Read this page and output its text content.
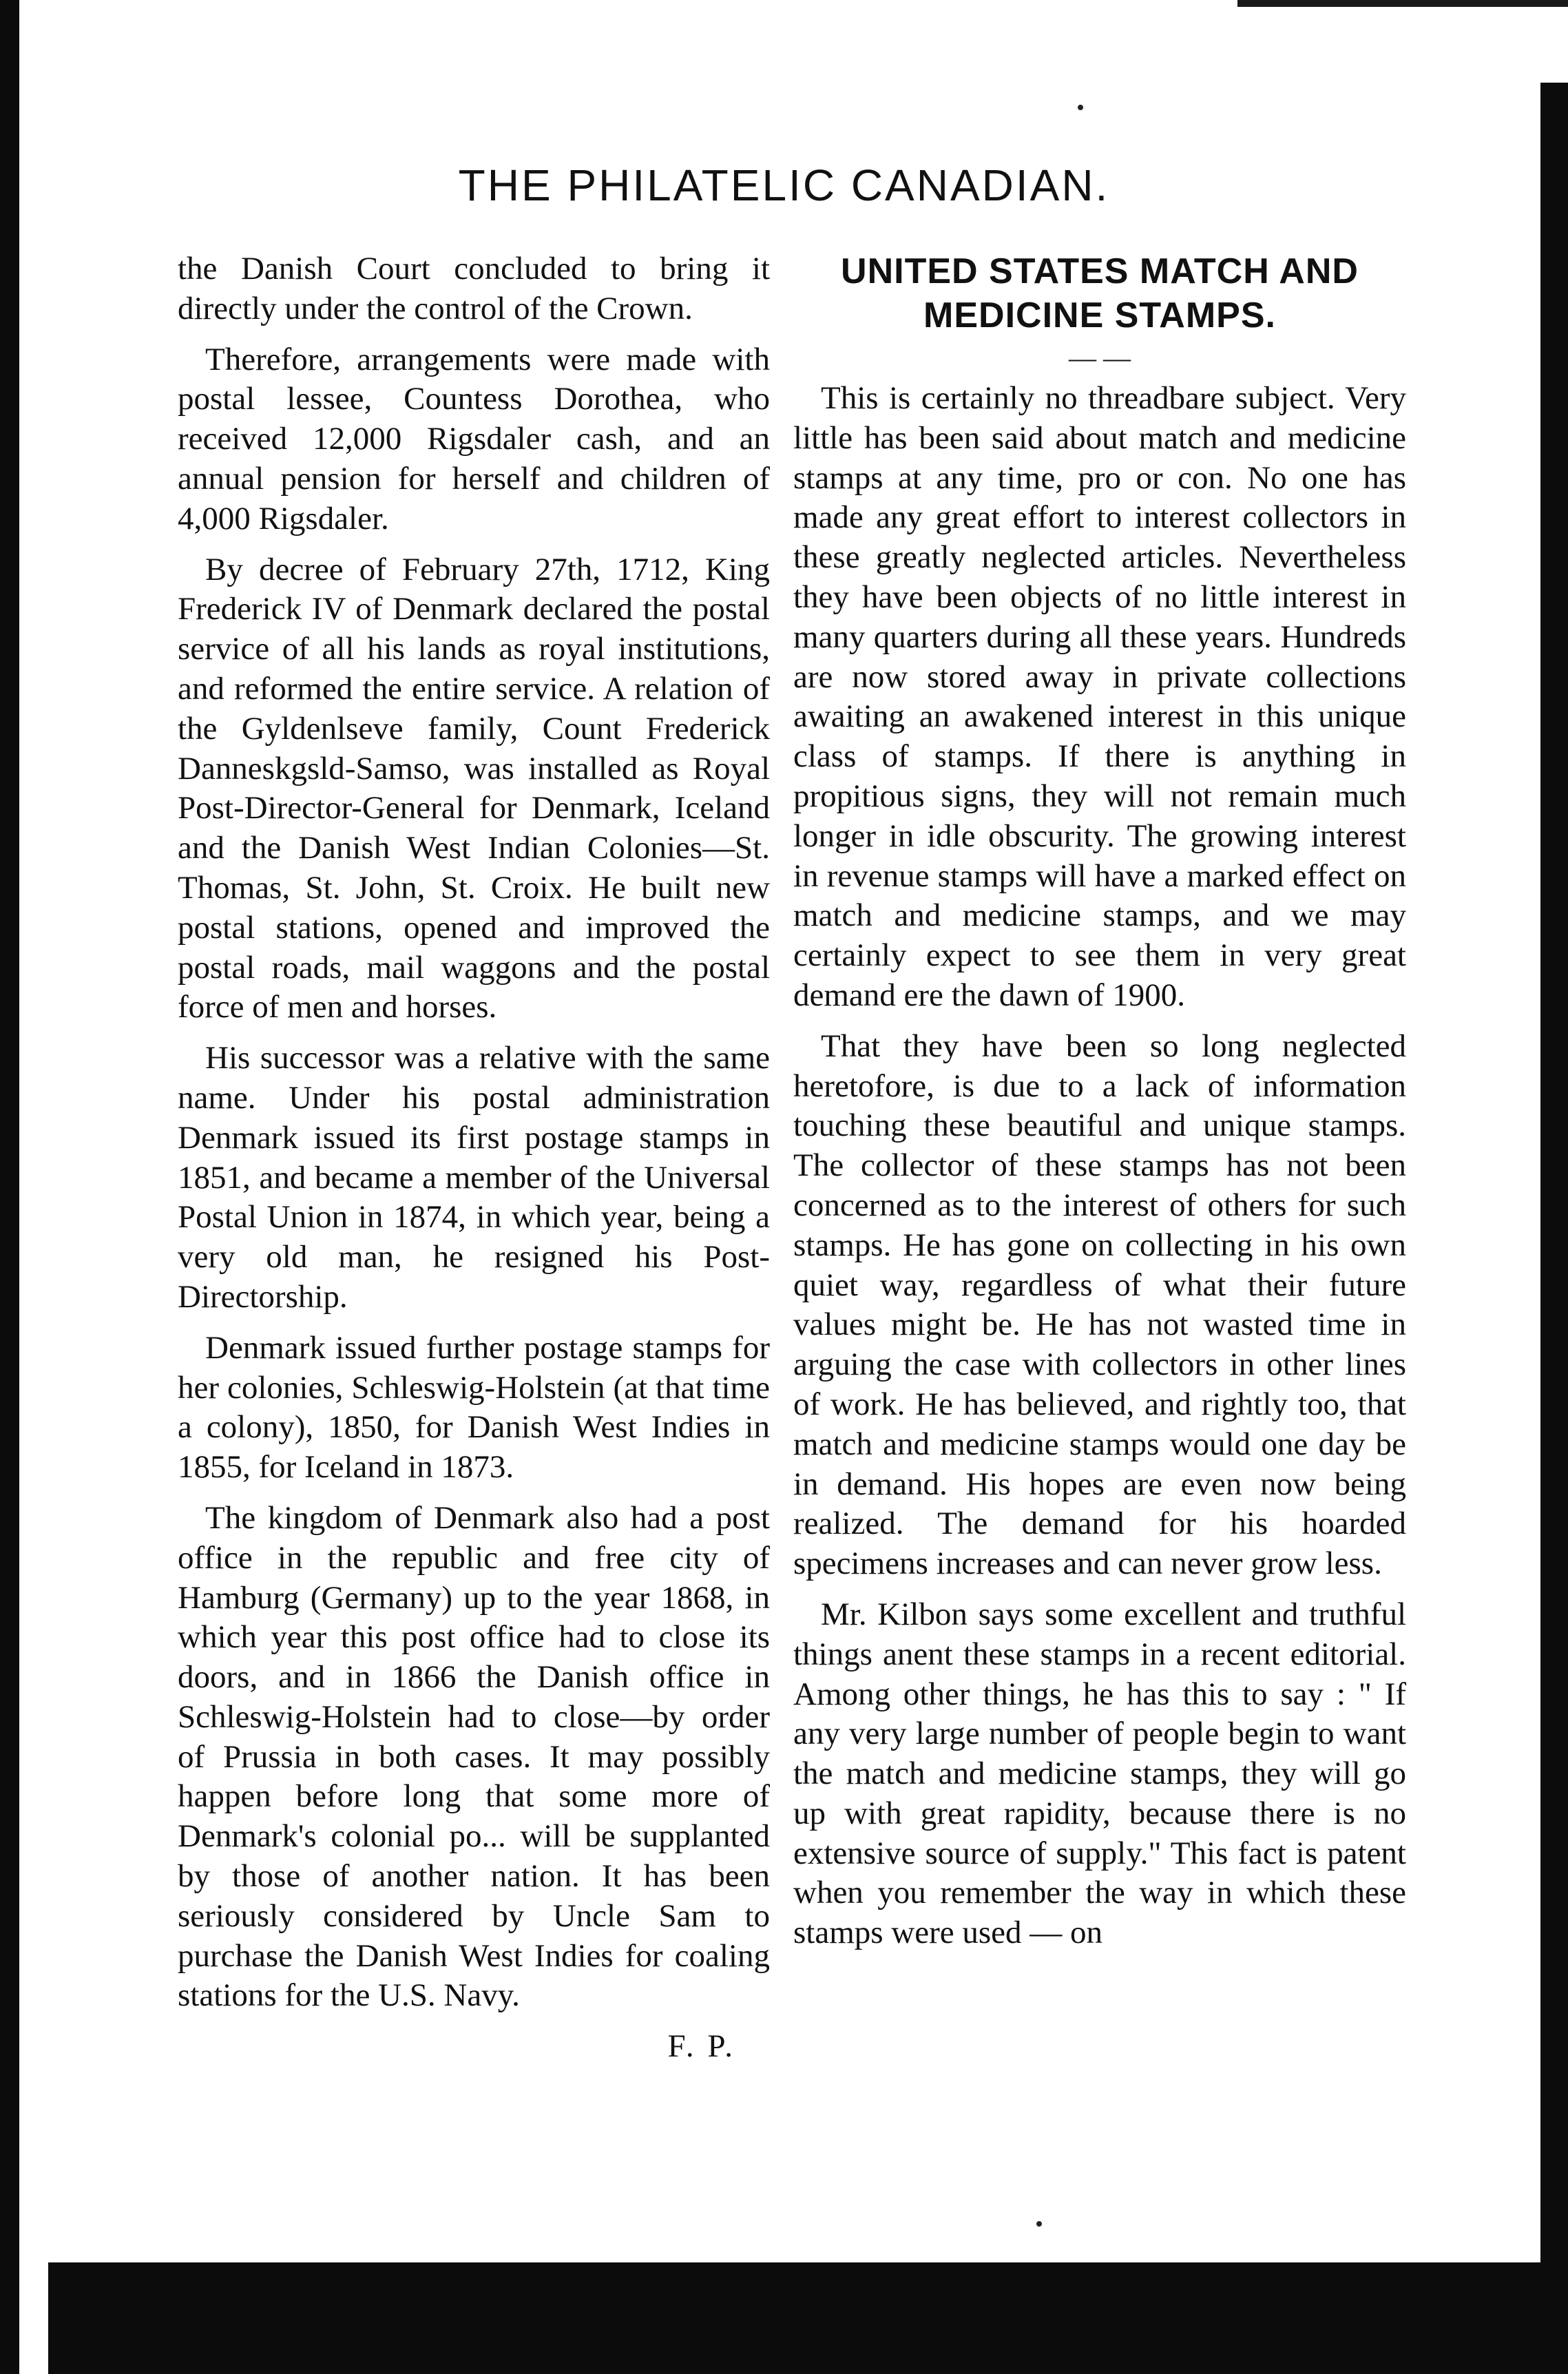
THE PHILATELIC CANADIAN.

the Danish Court concluded to bring it directly under the control of the Crown.

Therefore, arrangements were made with postal lessee, Countess Dorothea, who received 12,000 Rigsdaler cash, and an annual pension for herself and children of 4,000 Rigsdaler.

By decree of February 27th, 1712, King Frederick IV of Denmark declared the postal service of all his lands as royal institutions, and reformed the entire service. A relation of the Gyldenlseve family, Count Frederick Danneskgsld-Samso, was installed as Royal Post-Director-General for Denmark, Iceland and the Danish West Indian Colonies—St. Thomas, St. John, St. Croix. He built new postal stations, opened and improved the postal roads, mail waggons and the postal force of men and horses.

His successor was a relative with the same name. Under his postal administration Denmark issued its first postage stamps in 1851, and became a member of the Universal Postal Union in 1874, in which year, being a very old man, he resigned his Post-Directorship.

Denmark issued further postage stamps for her colonies, Schleswig-Holstein (at that time a colony), 1850, for Danish West Indies in 1855, for Iceland in 1873.

The kingdom of Denmark also had a post office in the republic and free city of Hamburg (Germany) up to the year 1868, in which year this post office had to close its doors, and in 1866 the Danish office in Schleswig-Holstein had to close—by order of Prussia in both cases. It may possibly happen before long that some more of Denmark's colonial po... will be supplanted by those of another nation. It has been seriously considered by Uncle Sam to purchase the Danish West Indies for coaling stations for the U.S. Navy.

F. P.
UNITED STATES MATCH AND MEDICINE STAMPS.
— —

This is certainly no threadbare subject. Very little has been said about match and medicine stamps at any time, pro or con. No one has made any great effort to interest collectors in these greatly neglected articles. Nevertheless they have been objects of no little interest in many quarters during all these years. Hundreds are now stored away in private collections awaiting an awakened interest in this unique class of stamps. If there is anything in propitious signs, they will not remain much longer in idle obscurity. The growing interest in revenue stamps will have a marked effect on match and medicine stamps, and we may certainly expect to see them in very great demand ere the dawn of 1900.

That they have been so long neglected heretofore, is due to a lack of information touching these beautiful and unique stamps. The collector of these stamps has not been concerned as to the interest of others for such stamps. He has gone on collecting in his own quiet way, regardless of what their future values might be. He has not wasted time in arguing the case with collectors in other lines of work. He has believed, and rightly too, that match and medicine stamps would one day be in demand. His hopes are even now being realized. The demand for his hoarded specimens increases and can never grow less.

Mr. Kilbon says some excellent and truthful things anent these stamps in a recent editorial. Among other things, he has this to say : " If any very large number of people begin to want the match and medicine stamps, they will go up with great rapidity, because there is no extensive source of supply." This fact is patent when you remember the way in which these stamps were used — on
